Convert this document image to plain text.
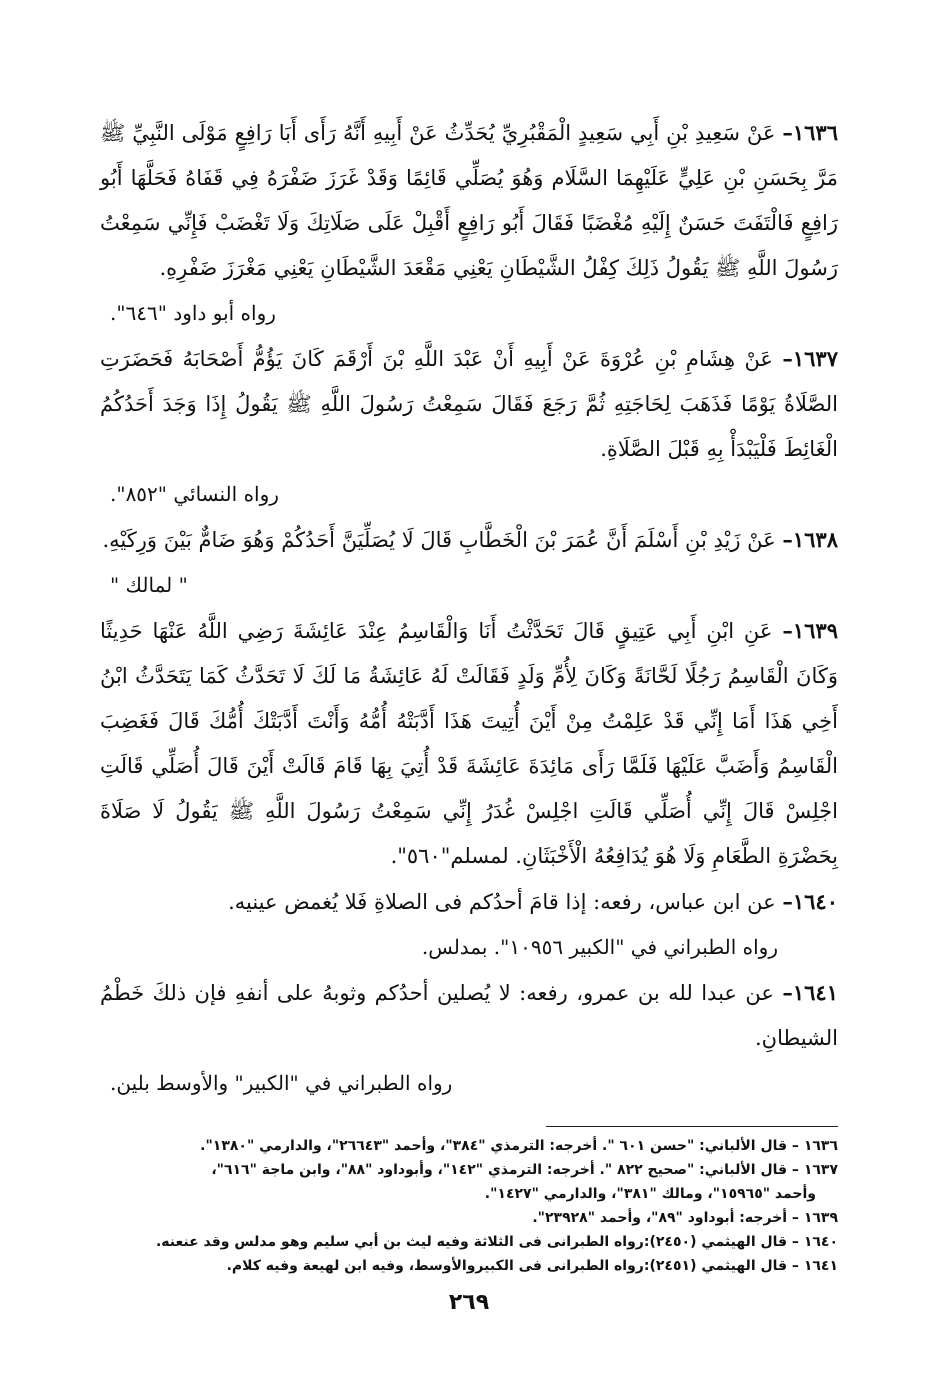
١٦٣٦– عَنْ سَعِيدِ بْنِ أَبِي سَعِيدٍ الْمَقْبُرِيِّ يُحَدِّثُ عَنْ أَبِيهِ أَنَّهُ رَأَى أَبَا رَافِعٍ مَوْلَى النَّبِيِّ ﷺ مَرَّ بِحَسَنِ بْنِ عَلِيٍّ عَلَيْهِمَا السَّلَام وَهُوَ يُصَلِّي قَائِمًا وَقَدْ غَرَزَ ضَفْرَهُ فِي قَفَاهُ فَحَلَّهَا أَبُو رَافِعٍ فَالْتَفَتَ حَسَنٌ إِلَيْهِ مُغْضَبًا فَقَالَ أَبُو رَافِعٍ أَقْبِلْ عَلَى صَلَاتِكَ وَلَا تَغْضَبْ فَإِنِّي سَمِعْتُ رَسُولَ اللَّهِ ﷺ يَقُولُ ذَلِكَ كِفْلُ الشَّيْطَانِ يَعْنِي مَقْعَدَ الشَّيْطَانِ يَعْنِي مَغْرَزَ ضَفْرِهِ.

رواه أبو داود "٦٤٦".

١٦٣٧– عَنْ هِشَامِ بْنِ عُرْوَةَ عَنْ أَبِيهِ أَنْ عَبْدَ اللَّهِ بْنَ أَرْقَمَ كَانَ يَؤُمُّ أَصْحَابَهُ فَحَضَرَتِ الصَّلَاةُ يَوْمًا فَذَهَبَ لِحَاجَتِهِ ثُمَّ رَجَعَ فَقَالَ سَمِعْتُ رَسُولَ اللَّهِ ﷺ يَقُولُ إِذَا وَجَدَ أَحَدُكُمُ الْغَائِطَ فَلْيَبْدَأْ بِهِ قَبْلَ الصَّلَاةِ.

رواه النسائي "٨٥٢".

١٦٣٨– عَنْ زَيْدِ بْنِ أَسْلَمَ أَنَّ عُمَرَ بْنَ الْخَطَّابِ قَالَ لَا يُصَلِّيَنَّ أَحَدُكُمْ وَهُوَ ضَامٌّ بَيْنَ وَرِكَيْهِ.

" لمالك "

١٦٣٩– عَنِ ابْنِ أَبِي عَتِيقٍ قَالَ تَحَدَّثْتُ أَنَا وَالْقَاسِمُ عِنْدَ عَائِشَةَ رَضِي اللَّهُ عَنْهَا حَدِيثًا وَكَانَ الْقَاسِمُ رَجُلًا لَحَّانَةً وَكَانَ لِأُمِّ وَلَدٍ فَقَالَتْ لَهُ عَائِشَةُ مَا لَكَ لَا تَحَدَّثُ كَمَا يَتَحَدَّثُ ابْنُ أَخِي هَذَا أَمَا إِنِّي قَدْ عَلِمْتُ مِنْ أَيْنَ أُتِيتَ هَذَا أَدَّبَتْهُ أُمُّهُ وَأَنْتَ أَدَّبَتْكَ أُمُّكَ قَالَ فَغَضِبَ الْقَاسِمُ وَأَضَبَّ عَلَيْهَا فَلَمَّا رَأَى مَائِدَةَ عَائِشَةَ قَدْ أُتِيَ بِهَا قَامَ قَالَتْ أَيْنَ قَالَ أُصَلِّي قَالَتِ اجْلِسْ قَالَ إِنِّي أُصَلِّي قَالَتِ اجْلِسْ غُدَرُ إِنِّي سَمِعْتُ رَسُولَ اللَّهِ ﷺ يَقُولُ لَا صَلَاةَ بِحَضْرَةِ الطَّعَامِ وَلَا هُوَ يُدَافِعُهُ الْأَخْبَثَانِ. لمسلم"٥٦٠".

١٦٤٠– عن ابن عباس، رفعه: إذا قامَ أحدُكم فى الصلاةِ فَلا يُغمض عينيه.

رواه الطبراني في "الكبير ١٠٩٥٦". بمدلس.

١٦٤١– عن عبدا لله بن عمرو، رفعه: لا يُصلين أحدُكم وثوبهُ على أنفهِ فإن ذلكَ خَطْمُ الشيطانِ.

رواه الطبراني في "الكبير" والأوسط بلين.

١٦٣٦ – قال الألباني: "حسن ٦٠١ ". أخرجه: الترمذي "٣٨٤"، وأحمد "٢٦٦٤٣"، والدارمي "١٣٨٠".

١٦٣٧ – قال الألباني: "صحيح ٨٢٢ ". أخرجه: الترمذي "١٤٢"، وأبوداود "٨٨"، وابن ماجة "٦١٦"،

وأحمد "١٥٩٦٥"، ومالك "٣٨١"، والدارمي "١٤٢٧".

١٦٣٩ – أخرجه: أبوداود "٨٩"، وأحمد "٢٣٩٢٨".

١٦٤٠ – قال الهيثمي (٢٤٥٠):رواه الطبرانى فى الثلاثة وفيه ليث بن أبي سليم وهو مدلس وقد عنعنه.

١٦٤١ – قال الهيثمي (٢٤٥١):رواه الطبرانى فى الكبيروالأوسط، وفيه ابن لهيعة وفيه كلام.

٢٦٩
